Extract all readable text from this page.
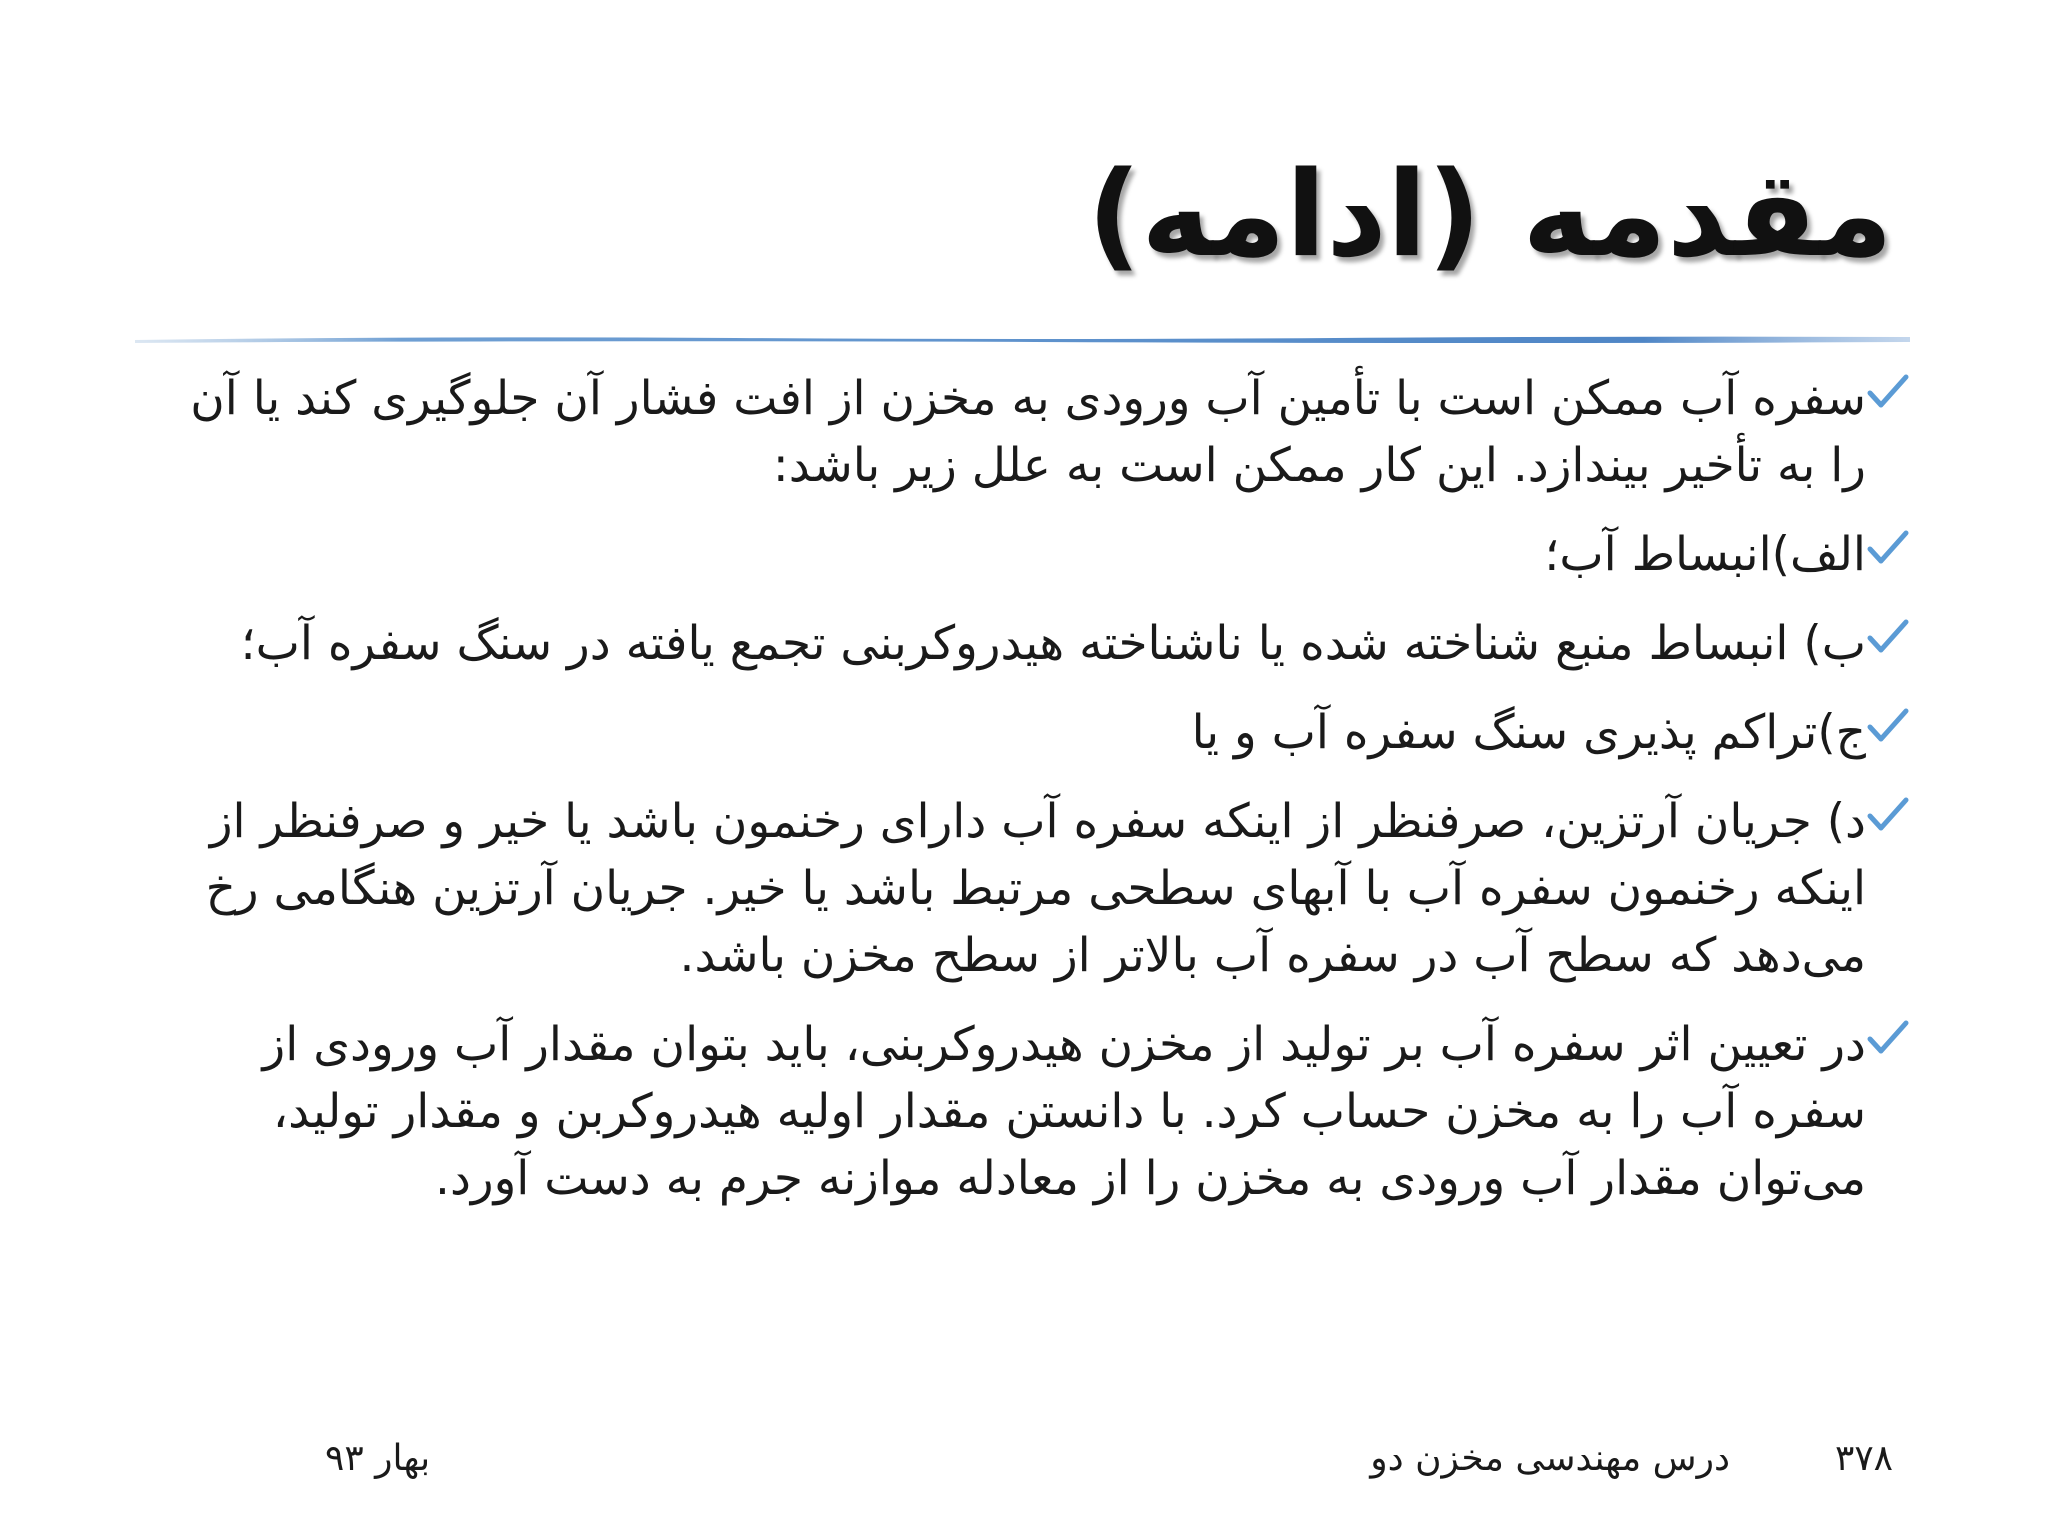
مقدمه (ادامه)
سفره آب ممکن است با تأمین آب ورودی به مخزن از افت فشار آن جلوگیری کند یا آن را به تأخیر بیندازد. این کار ممکن است به علل زیر باشد:
الف)انبساط آب؛
ب) انبساط منبع شناخته شده یا ناشناخته هیدروکربنی تجمع یافته در سنگ سفره آب؛
ج)تراکم پذیری سنگ سفره آب و یا
د) جریان آرتزین، صرفنظر از اینکه سفره آب دارای رخنمون باشد یا خیر و صرفنظر از اینکه رخنمون سفره آب با آبهای سطحی مرتبط باشد یا خیر. جریان آرتزین هنگامی رخ می‌دهد که سطح آب در سفره آب بالاتر از سطح مخزن باشد.
در تعیین اثر سفره آب بر تولید از مخزن هیدروکربنی، باید بتوان مقدار آب ورودی از سفره آب را به مخزن حساب کرد. با دانستن مقدار اولیه هیدروکربن و مقدار تولید، می‌توان مقدار آب ورودی به مخزن را از معادله موازنه جرم به دست آورد.
۳۷۸
درس مهندسی مخزن دو
بهار ۹۳
